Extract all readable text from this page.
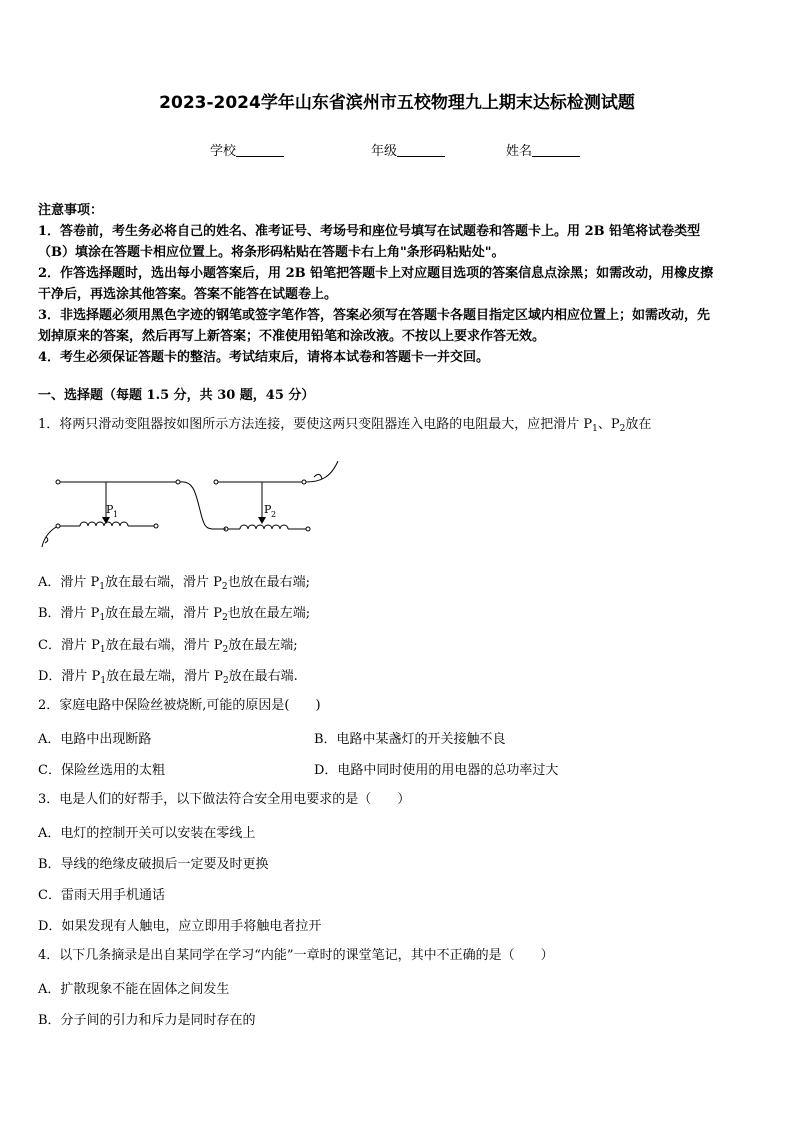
2023-2024学年山东省滨州市五校物理九上期末达标检测试题
学校	年级	姓名
注意事项：
1．答卷前，考生务必将自己的姓名、准考证号、考场号和座位号填写在试题卷和答题卡上。用 2B 铅笔将试卷类型
（B）填涂在答题卡相应位置上。将条形码粘贴在答题卡右上角"条形码粘贴处"。
2．作答选择题时，选出每小题答案后，用 2B 铅笔把答题卡上对应题目选项的答案信息点涂黑；如需改动，用橡皮擦
干净后，再选涂其他答案。答案不能答在试题卷上。
3．非选择题必须用黑色字迹的钢笔或签字笔作答，答案必须写在答题卡各题目指定区域内相应位置上；如需改动，先
划掉原来的答案，然后再写上新答案；不准使用铅笔和涂改液。不按以上要求作答无效。
4．考生必须保证答题卡的整洁。考试结束后，请将本试卷和答题卡一并交回。
一、选择题（每题 1.5 分，共 30 题，45 分）
1．将两只滑动变阻器按如图所示方法连接，要使这两只变阻器连入电路的电阻最大，应把滑片 $P_1$、$P_2$放在
P 1	P 2
A．滑片 $P_1$放在最右端，滑片 $P_2$也放在最右端;
B．滑片 $P_1$放在最左端，滑片 $P_2$也放在最左端;
C．滑片 $P_1$放在最右端，滑片 $P_2$放在最左端;
D．滑片 $P_1$放在最左端，滑片 $P_2$放在最右端.
2．家庭电路中保险丝被烧断,可能的原因是(　　)
A．电路中出现断路	B．电路中某盏灯的开关接触不良
C．保险丝选用的太粗	D．电路中同时使用的用电器的总功率过大
3．电是人们的好帮手，以下做法符合安全用电要求的是（　　）
A．电灯的控制开关可以安装在零线上
B．导线的绝缘皮破损后一定要及时更换
C．雷雨天用手机通话
D．如果发现有人触电，应立即用手将触电者拉开
4．以下几条摘录是出自某同学在学习“内能”一章时的课堂笔记，其中不正确的是（　　）
A．扩散现象不能在固体之间发生
B．分子间的引力和斥力是同时存在的
